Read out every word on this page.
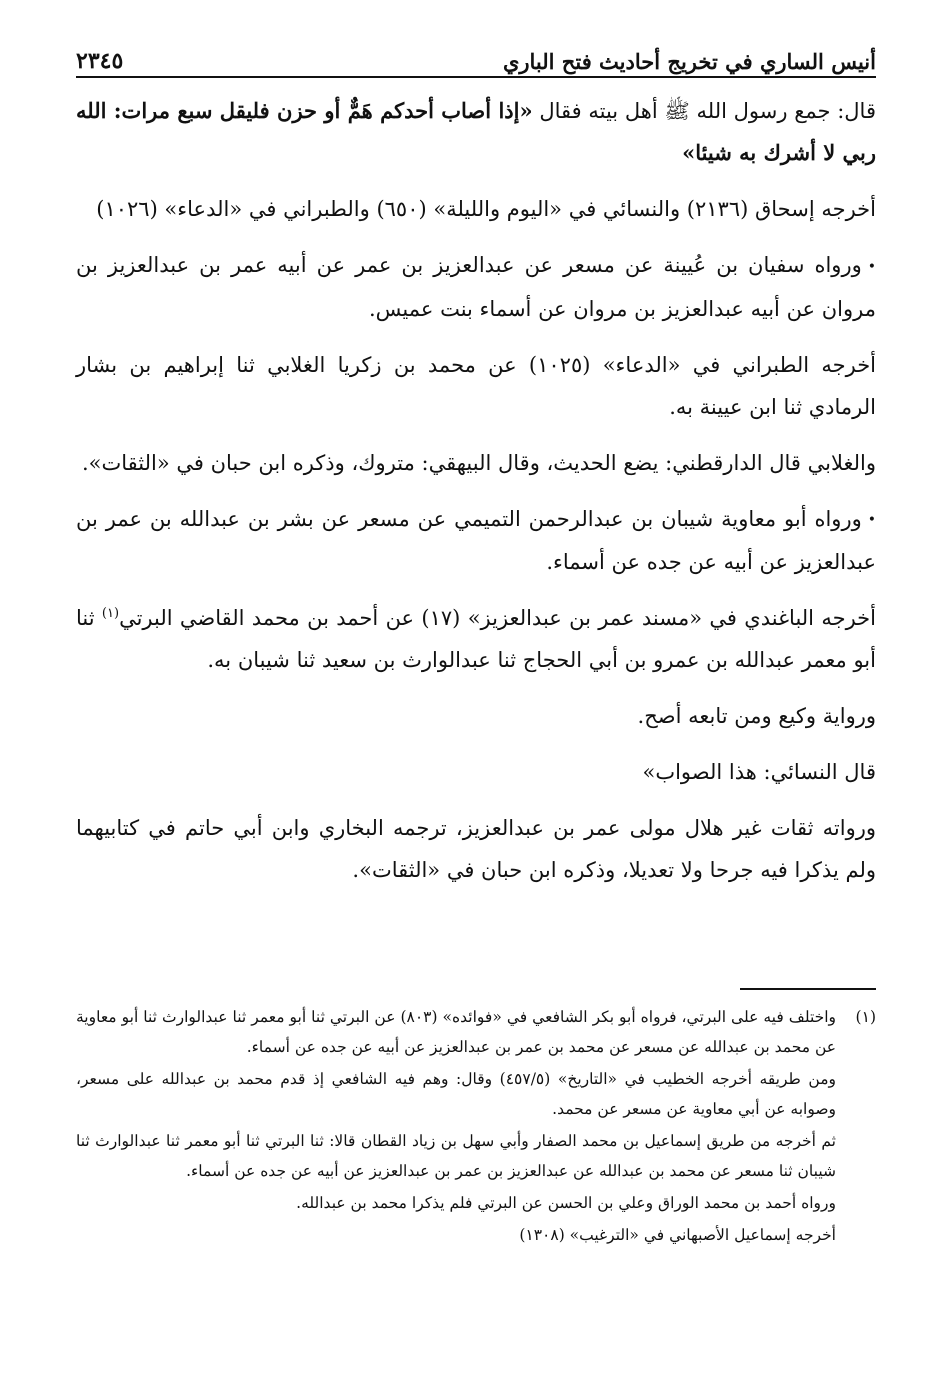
أنيس الساري في تخريج أحاديث فتح الباري
٢٣٤٥

قال: جمع رسول الله ﷺ أهل بيته فقال «إذا أصاب أحدكم هَمٌّ أو حزن فليقل سبع مرات: الله ربي لا أشرك به شيئا»

أخرجه إسحاق (٢١٣٦) والنسائي في «اليوم والليلة» (٦٥٠) والطبراني في «الدعاء» (١٠٢٦)

•ورواه سفيان بن عُيينة عن مسعر عن عبدالعزيز بن عمر عن أبيه عمر بن عبدالعزيز بن مروان عن أبيه عبدالعزيز بن مروان عن أسماء بنت عميس.

أخرجه الطبراني في «الدعاء» (١٠٢٥) عن محمد بن زكريا الغلابي ثنا إبراهيم بن بشار الرمادي ثنا ابن عيينة به.

والغلابي قال الدارقطني: يضع الحديث، وقال البيهقي: متروك، وذكره ابن حبان في «الثقات».

•ورواه أبو معاوية شيبان بن عبدالرحمن التميمي عن مسعر عن بشر بن عبدالله بن عمر بن عبدالعزيز عن أبيه عن جده عن أسماء.

أخرجه الباغندي في «مسند عمر بن عبدالعزيز» (١٧) عن أحمد بن محمد القاضي البرتي$^{(١)}$ ثنا أبو معمر عبدالله بن عمرو بن أبي الحجاج ثنا عبدالوارث بن سعيد ثنا شيبان به.

ورواية وكيع ومن تابعه أصح.

قال النسائي: هذا الصواب»

ورواته ثقات غير هلال مولى عمر بن عبدالعزيز، ترجمه البخاري وابن أبي حاتم في كتابيهما ولم يذكرا فيه جرحا ولا تعديلا، وذكره ابن حبان في «الثقات».

(١)

واختلف فيه على البرتي، فرواه أبو بكر الشافعي في «فوائده» (٨٠٣) عن البرتي ثنا أبو معمر ثنا عبدالوارث ثنا أبو معاوية عن محمد بن عبدالله عن مسعر عن محمد بن عمر بن عبدالعزيز عن أبيه عن جده عن أسماء.

ومن طريقه أخرجه الخطيب في «التاريخ» (٤٥٧/٥) وقال: وهم فيه الشافعي إذ قدم محمد بن عبدالله على مسعر، وصوابه عن أبي معاوية عن مسعر عن محمد.

ثم أخرجه من طريق إسماعيل بن محمد الصفار وأبي سهل بن زياد القطان قالا: ثنا البرتي ثنا أبو معمر ثنا عبدالوارث ثنا شيبان ثنا مسعر عن محمد بن عبدالله عن عبدالعزيز بن عمر بن عبدالعزيز عن أبيه عن جده عن أسماء.

ورواه أحمد بن محمد الوراق وعلي بن الحسن عن البرتي فلم يذكرا محمد بن عبدالله.

أخرجه إسماعيل الأصبهاني في «الترغيب» (١٣٠٨)
